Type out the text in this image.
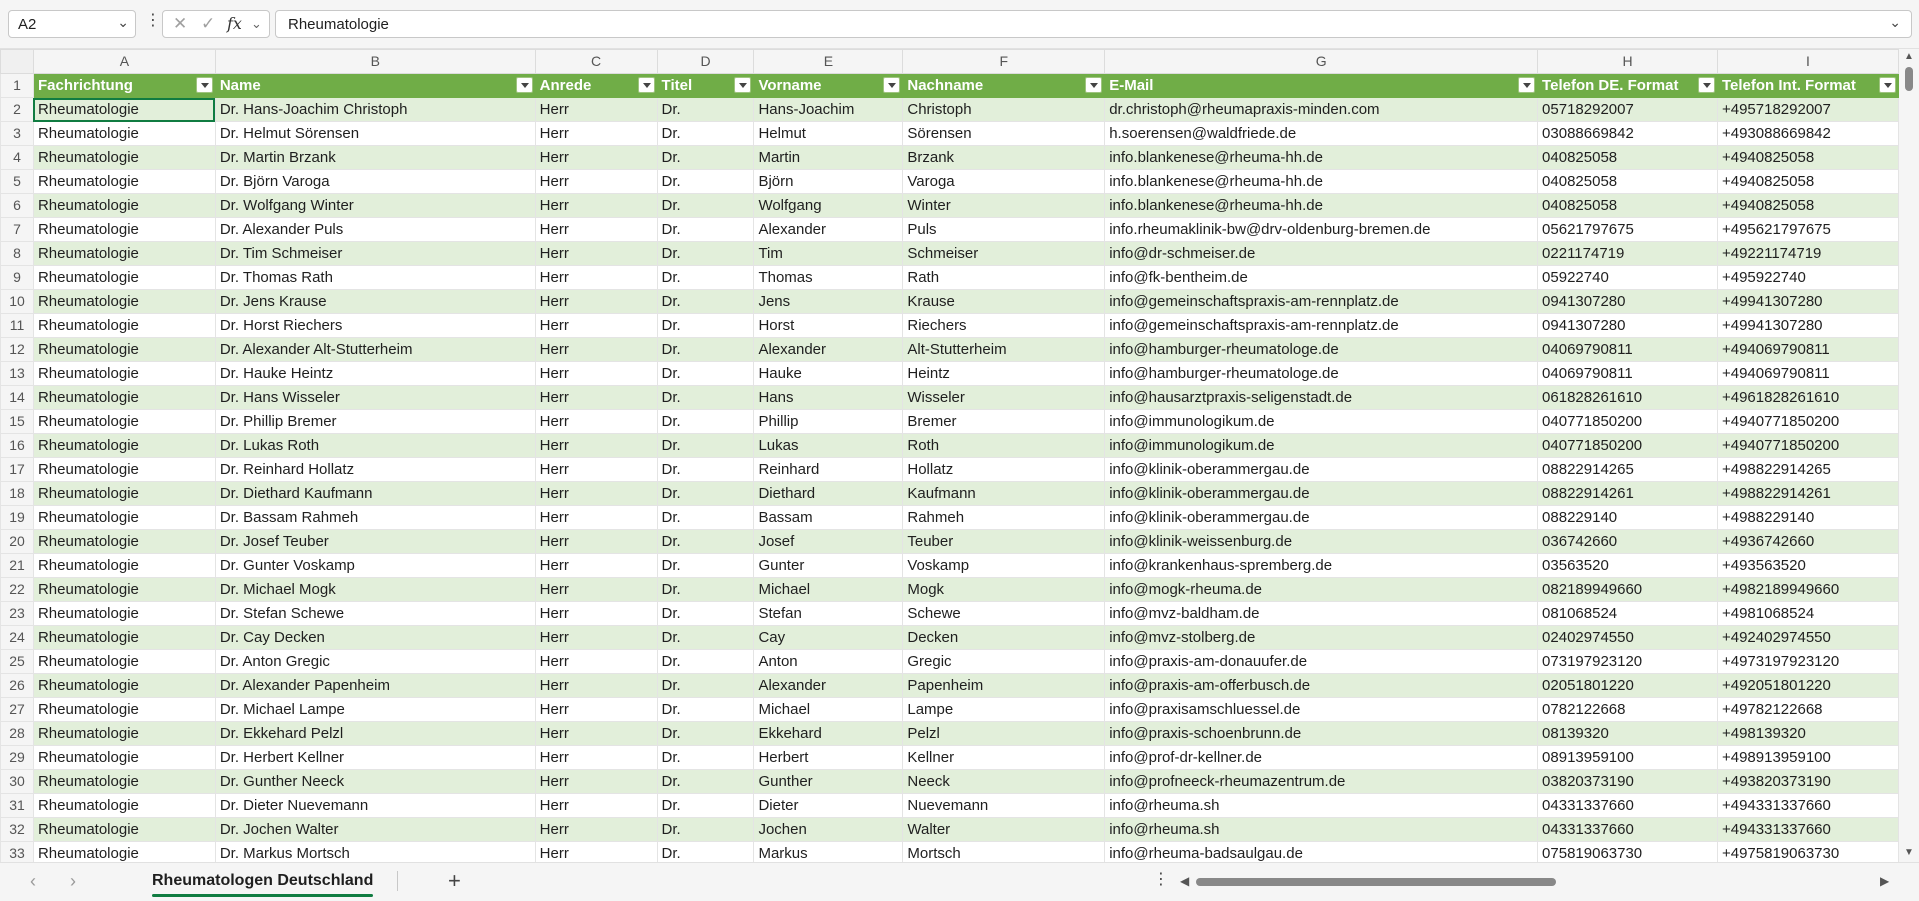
A2	⌄ ⋮ ✕ ✓ fx ⌄ Rheumatologie	⌄
	A	B	C	D	E	F	G	H	I
1	Fachrichtung	Name	Anrede	Titel	Vorname	Nachname	E-Mail	Telefon DE. Format	Telefon Int. Format

2	Rheumatologie	Dr. Hans-Joachim Christoph	Herr	Dr.	Hans-Joachim	Christoph	dr.christoph@rheumapraxis-minden.com	05718292007	+495718292007
3	Rheumatologie	Dr. Helmut Sörensen	Herr	Dr.	Helmut	Sörensen	h.soerensen@waldfriede.de	03088669842	+493088669842
4	Rheumatologie	Dr. Martin Brzank	Herr	Dr.	Martin	Brzank	info.blankenese@rheuma-hh.de	040825058	+4940825058
5	Rheumatologie	Dr. Björn Varoga	Herr	Dr.	Björn	Varoga	info.blankenese@rheuma-hh.de	040825058	+4940825058
6	Rheumatologie	Dr. Wolfgang Winter	Herr	Dr.	Wolfgang	Winter	info.blankenese@rheuma-hh.de	040825058	+4940825058
7	Rheumatologie	Dr. Alexander Puls	Herr	Dr.	Alexander	Puls	info.rheumaklinik-bw@drv-oldenburg-bremen.de	05621797675	+495621797675
8	Rheumatologie	Dr. Tim Schmeiser	Herr	Dr.	Tim	Schmeiser	info@dr-schmeiser.de	0221174719	+49221174719
9	Rheumatologie	Dr. Thomas Rath	Herr	Dr.	Thomas	Rath	info@fk-bentheim.de	05922740	+495922740
10	Rheumatologie	Dr. Jens Krause	Herr	Dr.	Jens	Krause	info@gemeinschaftspraxis-am-rennplatz.de	0941307280	+49941307280
11	Rheumatologie	Dr. Horst Riechers	Herr	Dr.	Horst	Riechers	info@gemeinschaftspraxis-am-rennplatz.de	0941307280	+49941307280
12	Rheumatologie	Dr. Alexander Alt-Stutterheim	Herr	Dr.	Alexander	Alt-Stutterheim	info@hamburger-rheumatologe.de	04069790811	+494069790811
13	Rheumatologie	Dr. Hauke Heintz	Herr	Dr.	Hauke	Heintz	info@hamburger-rheumatologe.de	04069790811	+494069790811
14	Rheumatologie	Dr. Hans Wisseler	Herr	Dr.	Hans	Wisseler	info@hausarztpraxis-seligenstadt.de	061828261610	+4961828261610
15	Rheumatologie	Dr. Phillip Bremer	Herr	Dr.	Phillip	Bremer	info@immunologikum.de	040771850200	+4940771850200
16	Rheumatologie	Dr. Lukas Roth	Herr	Dr.	Lukas	Roth	info@immunologikum.de	040771850200	+4940771850200
17	Rheumatologie	Dr. Reinhard Hollatz	Herr	Dr.	Reinhard	Hollatz	info@klinik-oberammergau.de	08822914265	+498822914265
18	Rheumatologie	Dr. Diethard Kaufmann	Herr	Dr.	Diethard	Kaufmann	info@klinik-oberammergau.de	08822914261	+498822914261
19	Rheumatologie	Dr. Bassam Rahmeh	Herr	Dr.	Bassam	Rahmeh	info@klinik-oberammergau.de	088229140	+4988229140
20	Rheumatologie	Dr. Josef Teuber	Herr	Dr.	Josef	Teuber	info@klinik-weissenburg.de	036742660	+4936742660
21	Rheumatologie	Dr. Gunter Voskamp	Herr	Dr.	Gunter	Voskamp	info@krankenhaus-spremberg.de	03563520	+493563520
22	Rheumatologie	Dr. Michael Mogk	Herr	Dr.	Michael	Mogk	info@mogk-rheuma.de	082189949660	+4982189949660
23	Rheumatologie	Dr. Stefan Schewe	Herr	Dr.	Stefan	Schewe	info@mvz-baldham.de	081068524	+4981068524
24	Rheumatologie	Dr. Cay Decken	Herr	Dr.	Cay	Decken	info@mvz-stolberg.de	02402974550	+492402974550
25	Rheumatologie	Dr. Anton Gregic	Herr	Dr.	Anton	Gregic	info@praxis-am-donauufer.de	073197923120	+4973197923120
26	Rheumatologie	Dr. Alexander Papenheim	Herr	Dr.	Alexander	Papenheim	info@praxis-am-offerbusch.de	02051801220	+492051801220
27	Rheumatologie	Dr. Michael Lampe	Herr	Dr.	Michael	Lampe	info@praxisamschluessel.de	0782122668	+49782122668
28	Rheumatologie	Dr. Ekkehard Pelzl	Herr	Dr.	Ekkehard	Pelzl	info@praxis-schoenbrunn.de	08139320	+498139320
29	Rheumatologie	Dr. Herbert Kellner	Herr	Dr.	Herbert	Kellner	info@prof-dr-kellner.de	08913959100	+498913959100
30	Rheumatologie	Dr. Gunther Neeck	Herr	Dr.	Gunther	Neeck	info@profneeck-rheumazentrum.de	03820373190	+493820373190
31	Rheumatologie	Dr. Dieter Nuevemann	Herr	Dr.	Dieter	Nuevemann	info@rheuma.sh	04331337660	+494331337660
32	Rheumatologie	Dr. Jochen Walter	Herr	Dr.	Jochen	Walter	info@rheuma.sh	04331337660	+494331337660
33	Rheumatologie	Dr. Markus Mortsch	Herr	Dr.	Markus	Mortsch	info@rheuma-badsaulgau.de	075819063730	+4975819063730
▲
▼
‹ ›	Rheumatologen Deutschland	+	⋮ ◀	▶
